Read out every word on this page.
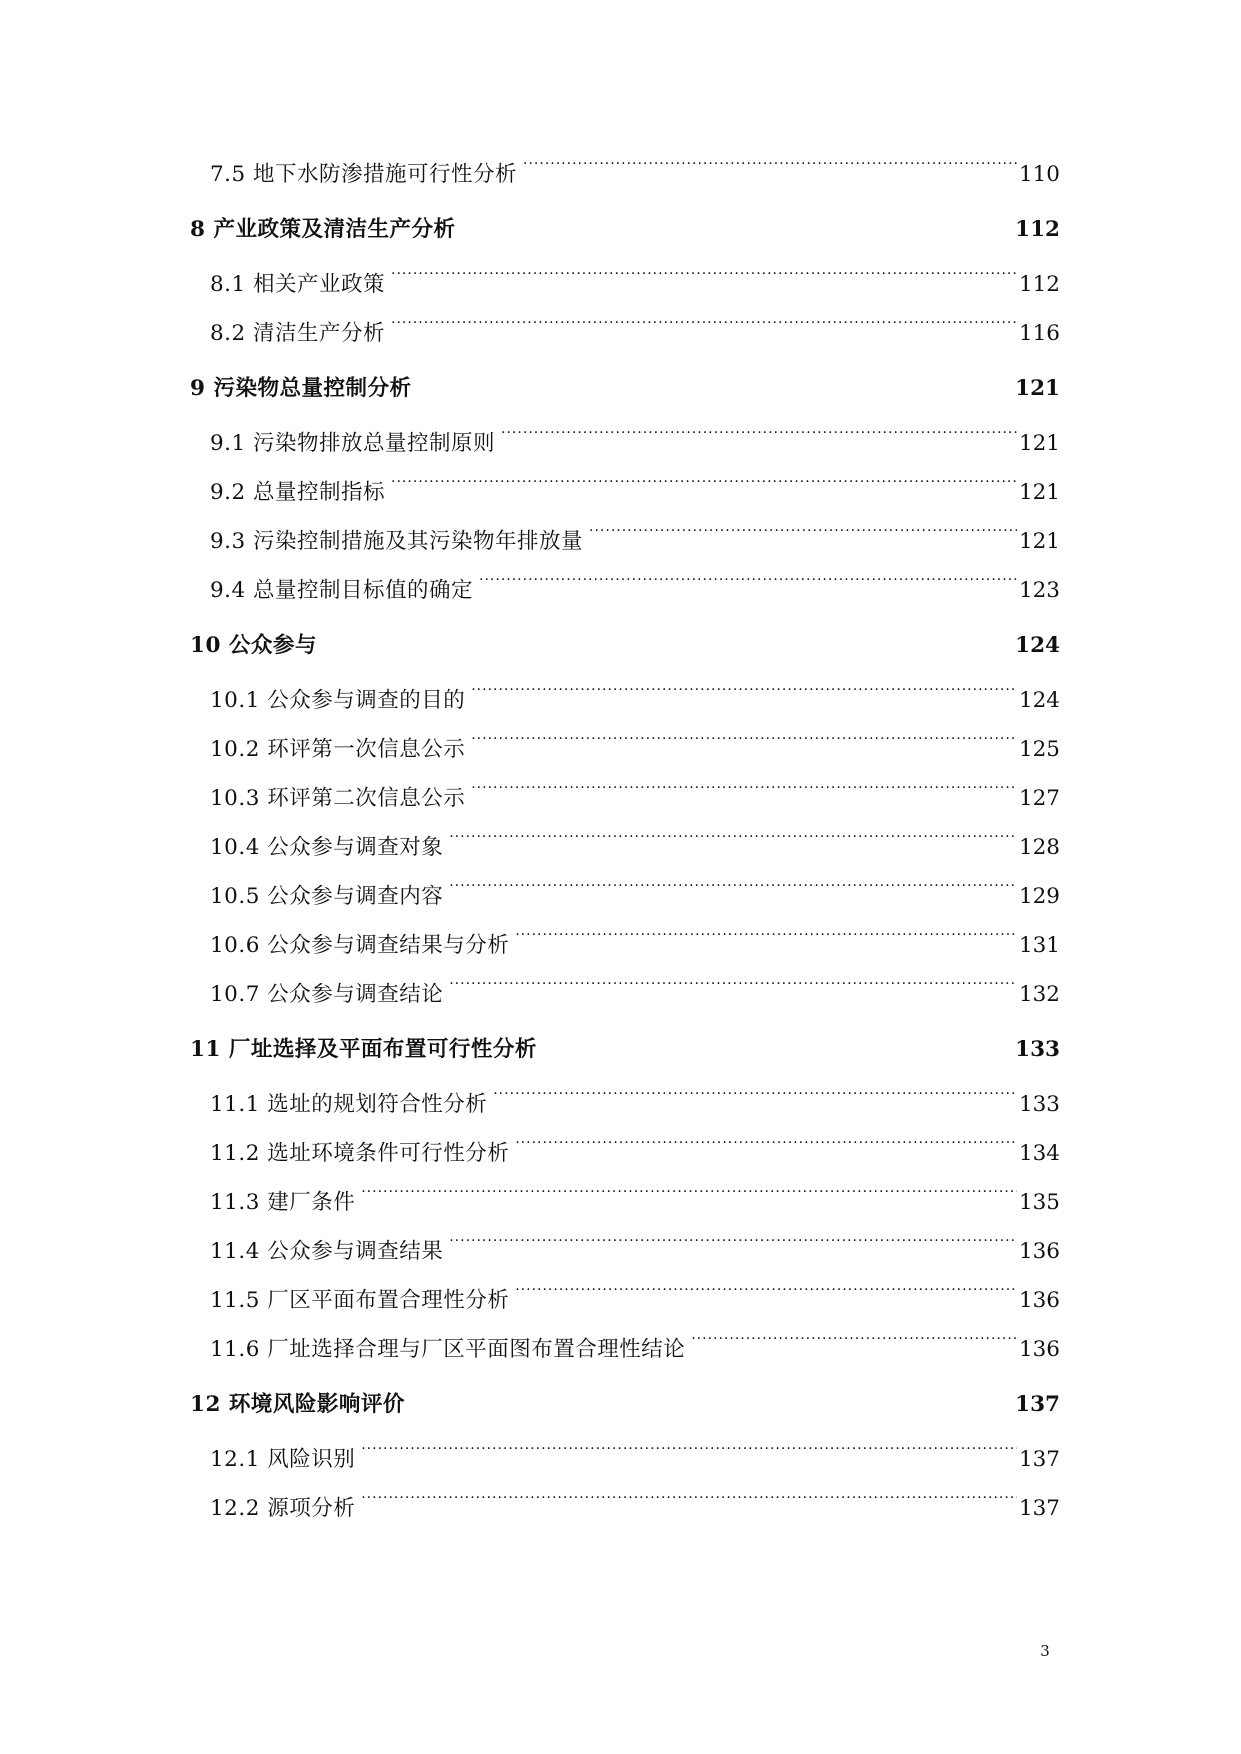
7.5 地下水防渗措施可行性分析 .....	110
8 产业政策及清洁生产分析 .....	112
8.1 相关产业政策 .....	112
8.2 清洁生产分析 .....	116
9 污染物总量控制分析 .....	121
9.1 污染物排放总量控制原则 .....	121
9.2 总量控制指标 .....	121
9.3 污染控制措施及其污染物年排放量 .....	121
9.4 总量控制目标值的确定 .....	123
10 公众参与 .....	124
10.1 公众参与调查的目的 .....	124
10.2 环评第一次信息公示 .....	125
10.3 环评第二次信息公示 .....	127
10.4 公众参与调查对象 .....	128
10.5 公众参与调查内容 .....	129
10.6 公众参与调查结果与分析 .....	131
10.7 公众参与调查结论 .....	132
11 厂址选择及平面布置可行性分析 .....	133
11.1 选址的规划符合性分析 .....	133
11.2 选址环境条件可行性分析 .....	134
11.3 建厂条件 .....	135
11.4 公众参与调查结果 .....	136
11.5 厂区平面布置合理性分析 .....	136
11.6 厂址选择合理与厂区平面图布置合理性结论 .....	136
12 环境风险影响评价 .....	137
12.1 风险识别 .....	137
12.2 源项分析 .....	137
3
